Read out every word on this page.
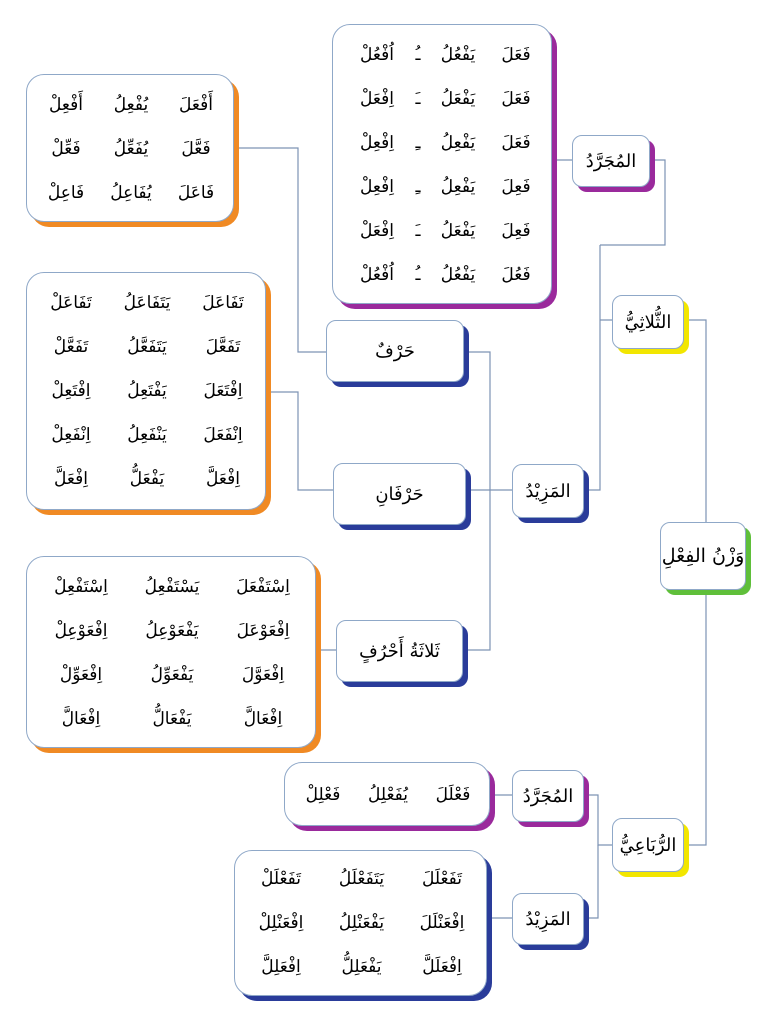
وَزْنُ الفِعْلِ
الثُّلاثِيُّ
المُجَرَّدُ
فَعَلَ
يَفْعُلُ
ـُ
اُفْعُلْ
فَعَلَ
يَفْعَلُ
ـَ
اِفْعَلْ
فَعَلَ
يَفْعِلُ
ـِ
اِفْعِلْ
فَعِلَ
يَفْعِلُ
ـِ
اِفْعِلْ
فَعِلَ
يَفْعَلُ
ـَ
اِفْعَلْ
فَعُلَ
يَفْعُلُ
ـُ
اُفْعُلْ
المَزِيْدُ
حَرْفٌ
أَفْعَلَ
يُفْعِلُ
أَفْعِلْ
فَعَّلَ
يُفَعِّلُ
فَعِّلْ
فَاعَلَ
يُفَاعِلُ
فَاعِلْ
حَرْفَانِ
تَفَاعَلَ
يَتَفَاعَلُ
تَفَاعَلْ
تَفَعَّلَ
يَتَفَعَّلُ
تَفَعَّلْ
اِفْتَعَلَ
يَفْتَعِلُ
اِفْتَعِلْ
اِنْفَعَلَ
يَنْفَعِلُ
اِنْفَعِلْ
اِفْعَلَّ
يَفْعَلُّ
اِفْعَلَّ
ثَلاثَةُ أَحْرُفٍ
اِسْتَفْعَلَ
يَسْتَفْعِلُ
اِسْتَفْعِلْ
اِفْعَوْعَلَ
يَفْعَوْعِلُ
اِفْعَوْعِلْ
اِفْعَوَّلَ
يَفْعَوِّلُ
اِفْعَوِّلْ
اِفْعَالَّ
يَفْعَالُّ
اِفْعَالَّ
الرُّبَاعِيُّ
المُجَرَّدُ
فَعْلَلَ
يُفَعْلِلُ
فَعْلِلْ
المَزِيْدُ
تَفَعْلَلَ
يَتَفَعْلَلُ
تَفَعْلَلْ
اِفْعَنْلَلَ
يَفْعَنْلِلُ
اِفْعَنْلِلْ
اِفْعَلَلَّ
يَفْعَلِلُّ
اِفْعَلِلَّ
